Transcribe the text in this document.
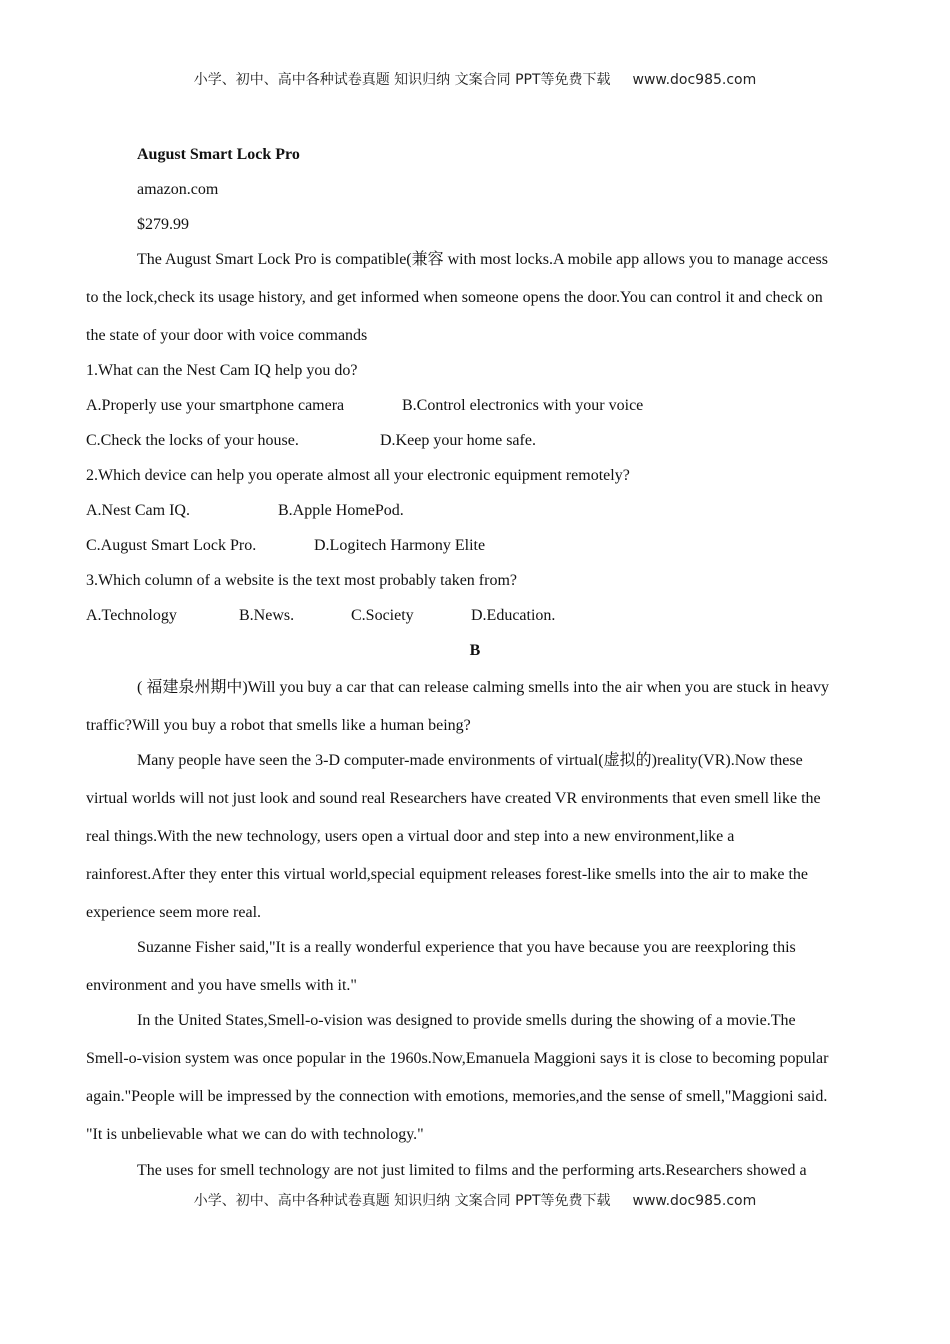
小学、初中、高中各种试卷真题 知识归纳 文案合同 PPT等免费下载 www.doc985.com
August Smart Lock Pro
amazon.com
$279.99
The August Smart Lock Pro is compatible(兼容 with most locks.A mobile app allows you to manage access
to the lock,check its usage history, and get informed when someone opens the door.You can control it and check on
the state of your door with voice commands
1.What can the Nest Cam IQ help you do?
A.Properly use your smartphone camera	B.Control electronics with your voice
C.Check the locks of your house.	D.Keep your home safe.
2.Which device can help you operate almost all your electronic equipment remotely?
A.Nest Cam IQ.	B.Apple HomePod.
C.August Smart Lock Pro.	D.Logitech Harmony Elite
3.Which column of a website is the text most probably taken from?
A.Technology	B.News.	C.Society	D.Education.
B
( 福建泉州期中)Will you buy a car that can release calming smells into the air when you are stuck in heavy
traffic?Will you buy a robot that smells like a human being?
Many people have seen the 3-D computer-made environments of virtual(虚拟的)reality(VR).Now these
virtual worlds will not just look and sound real Researchers have created VR environments that even smell like the
real things.With the new technology, users open a virtual door and step into a new environment,like a
rainforest.After they enter this virtual world,special equipment releases forest-like smells into the air to make the
experience seem more real.
Suzanne Fisher said,"It is a really wonderful experience that you have because you are reexploring this
environment and you have smells with it."
In the United States,Smell-o-vision was designed to provide smells during the showing of a movie.The
Smell-o-vision system was once popular in the 1960s.Now,Emanuela Maggioni says it is close to becoming popular
again."People will be impressed by the connection with emotions, memories,and the sense of smell,"Maggioni said.
"It is unbelievable what we can do with technology."
The uses for smell technology are not just limited to films and the performing arts.Researchers showed a
小学、初中、高中各种试卷真题 知识归纳 文案合同 PPT等免费下载 www.doc985.com
